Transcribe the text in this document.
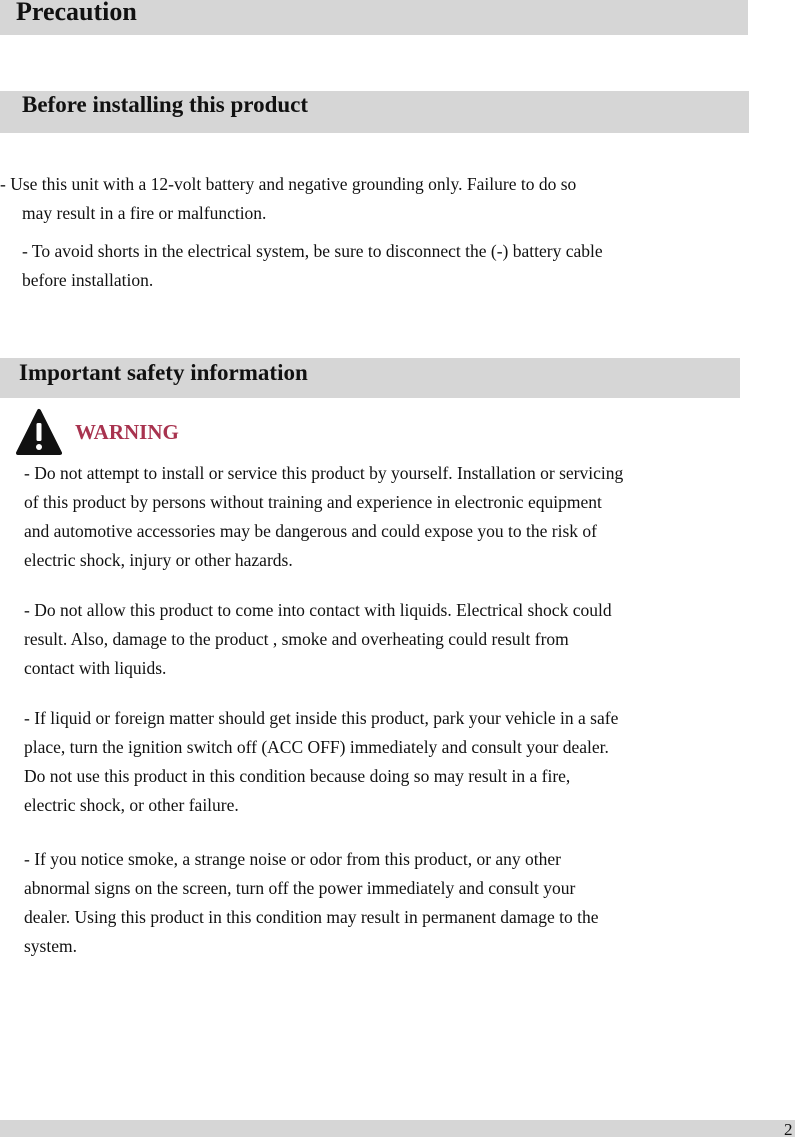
Precaution
Before installing this product
- Use this unit with a 12-volt battery and negative grounding only. Failure to do so
may result in a fire or malfunction.
- To avoid shorts in the electrical system, be sure to disconnect the (-) battery cable
before installation.
Important safety information
WARNING
- Do not attempt to install or service this product by yourself. Installation or servicing
of this product by persons without training and experience in electronic equipment
and automotive accessories may be dangerous and could expose you to the risk of
electric shock, injury or other hazards.
- Do not allow this product to come into contact with liquids. Electrical shock could
result. Also, damage to the product , smoke and overheating could result from
contact with liquids.
- If liquid or foreign matter should get inside this product, park your vehicle in a safe
place, turn the ignition switch off (ACC OFF) immediately and consult your dealer.
Do not use this product in this condition because doing so may result in a fire,
electric shock, or other failure.
- If you notice smoke, a strange noise or odor from this product, or any other
abnormal signs on the screen, turn off the power immediately and consult your
dealer. Using this product in this condition may result in permanent damage to the
system.
2
